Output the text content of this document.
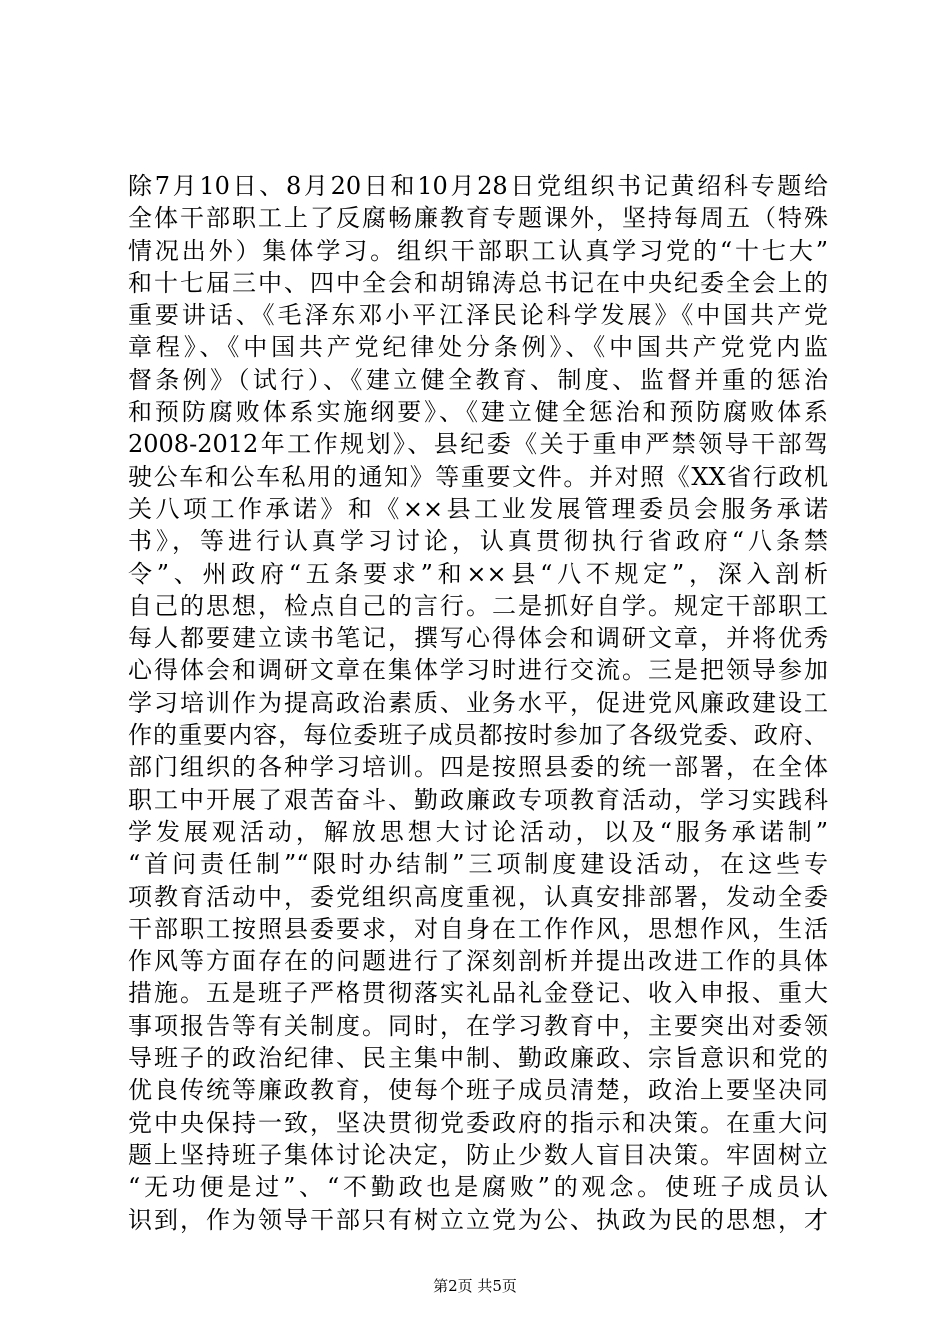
除7月10日、8月20日和10月28日党组织书记黄绍科专题给
全体干部职工上了反腐畅廉教育专题课外，坚持每周五（特殊
情况出外）集体学习。组织干部职工认真学习党的“十七大”
和十七届三中、四中全会和胡锦涛总书记在中央纪委全会上的
重要讲话、《毛泽东邓小平江泽民论科学发展》《中国共产党
章程》、《中国共产党纪律处分条例》、《中国共产党党内监
督条例》（试行）、《建立健全教育、制度、监督并重的惩治
和预防腐败体系实施纲要》、《建立健全惩治和预防腐败体系
2008-2012年工作规划》、县纪委《关于重申严禁领导干部驾
驶公车和公车私用的通知》等重要文件。并对照《XX省行政机
关八项工作承诺》和《××县工业发展管理委员会服务承诺
书》，等进行认真学习讨论，认真贯彻执行省政府“八条禁
令”、州政府“五条要求”和××县“八不规定”，深入剖析
自己的思想，检点自己的言行。二是抓好自学。规定干部职工
每人都要建立读书笔记，撰写心得体会和调研文章，并将优秀
心得体会和调研文章在集体学习时进行交流。三是把领导参加
学习培训作为提高政治素质、业务水平，促进党风廉政建设工
作的重要内容，每位委班子成员都按时参加了各级党委、政府、
部门组织的各种学习培训。四是按照县委的统一部署，在全体
职工中开展了艰苦奋斗、勤政廉政专项教育活动，学习实践科
学发展观活动，解放思想大讨论活动，以及“服务承诺制”
“首问责任制”“限时办结制”三项制度建设活动，在这些专
项教育活动中，委党组织高度重视，认真安排部署，发动全委
干部职工按照县委要求，对自身在工作作风，思想作风，生活
作风等方面存在的问题进行了深刻剖析并提出改进工作的具体
措施。五是班子严格贯彻落实礼品礼金登记、收入申报、重大
事项报告等有关制度。同时，在学习教育中，主要突出对委领
导班子的政治纪律、民主集中制、勤政廉政、宗旨意识和党的
优良传统等廉政教育，使每个班子成员清楚，政治上要坚决同
党中央保持一致，坚决贯彻党委政府的指示和决策。在重大问
题上坚持班子集体讨论决定，防止少数人盲目决策。牢固树立
“无功便是过”、“不勤政也是腐败”的观念。使班子成员认
识到，作为领导干部只有树立立党为公、执政为民的思想，才
第2页 共5页
